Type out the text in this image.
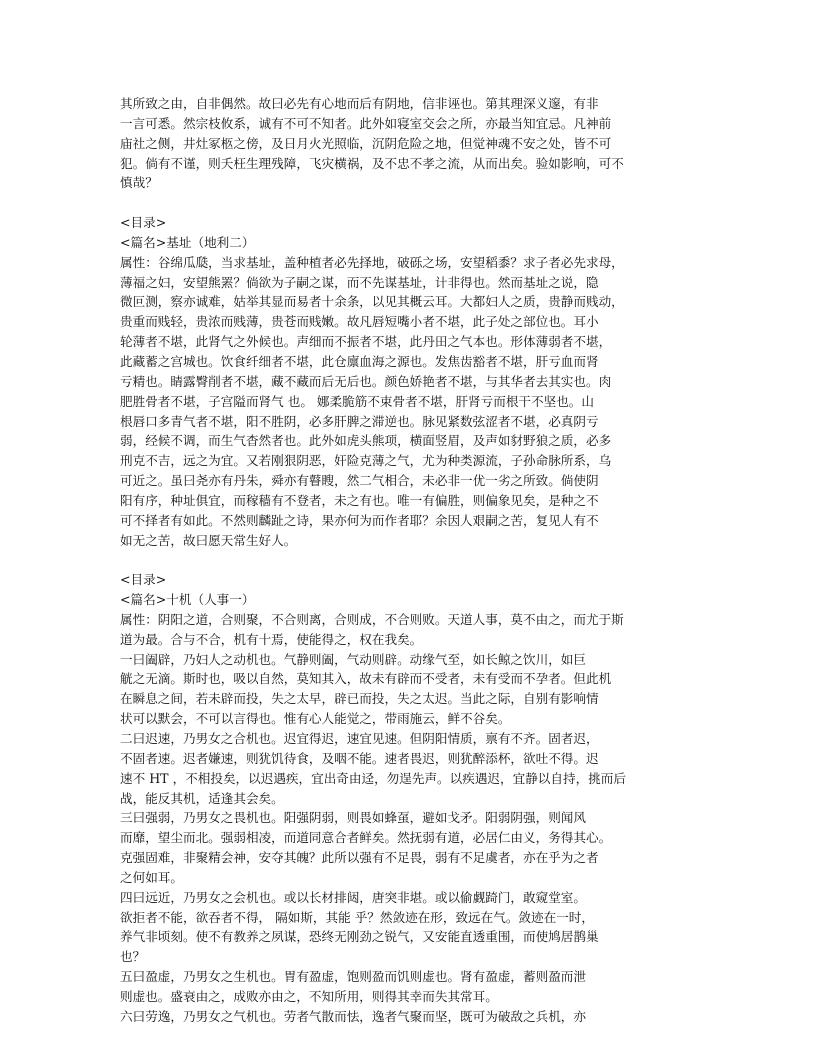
其所致之由，自非偶然。故曰必先有心地而后有阴地，信非诬也。第其理深义邃，有非
一言可悉。然宗枝攸系，诚有不可不知者。此外如寝室交会之所，亦最当知宜忌。凡神前
庙社之侧，井灶冢柩之傍，及日月火光照临，沉阴危险之地，但觉神魂不安之处，皆不可
犯。倘有不谨，则夭枉生理残障，飞灾横祸，及不忠不孝之流，从而出矣。验如影响，可不
慎哉？
<目录>
<篇名>基址（地利二）
属性：谷绵瓜瓞，当求基址，盖种植者必先择地，破砾之场，安望稻黍？求子者必先求母，
薄福之妇，安望熊罴？倘欲为子嗣之谋，而不先谋基址，计非得也。然而基址之说，隐
微叵测，察亦诚难，姑举其显而易者十余条，以见其概云耳。大都妇人之质，贵静而贱动，
贵重而贱轻，贵浓而贱薄，贵苍而贱嫩。故凡唇短嘴小者不堪，此子处之部位也。耳小
轮薄者不堪，此肾气之外候也。声细而不振者不堪，此丹田之气本也。形体薄弱者不堪，
此藏蓄之宫城也。饮食纤细者不堪，此仓廪血海之源也。发焦齿豁者不堪，肝亏血而肾
亏精也。睛露臀削者不堪，藏不藏而后无后也。颜色娇艳者不堪，与其华者去其实也。肉
肥胜骨者不堪，子宫隘而肾气 也。 娜柔脆筋不束骨者不堪，肝肾亏而根干不坚也。山
根唇口多青气者不堪，阳不胜阴，必多肝脾之滞逆也。脉见紧数弦涩者不堪，必真阴亏
弱，经候不调，而生气杳然者也。此外如虎头熊项，横面竖眉，及声如豺野狼之质，必多
刑克不吉，远之为宜。又若刚狠阴恶，奸险克薄之气，尤为种类源流，子孙命脉所系，乌
可近之。虽曰尧亦有丹朱，舜亦有瞽瞍，然二气相合，未必非一优一劣之所致。倘使阴
阳有序，种址俱宜，而稼穑有不登者，未之有也。唯一有偏胜，则偏象见矣，是种之不
可不择者有如此。不然则麟趾之诗，果亦何为而作者耶？余因人艰嗣之苦，复见人有不
如无之苦，故曰愿天常生好人。
<目录>
<篇名>十机（人事一）
属性：阴阳之道，合则聚，不合则离，合则成，不合则败。天道人事，莫不由之，而尤于斯
道为最。合与不合，机有十焉，使能得之，权在我矣。
一曰阖辟，乃妇人之动机也。气静则阖，气动则辟。动缘气至，如长鲸之饮川，如巨
觥之无滴。斯时也，吸以自然，莫知其入，故未有辟而不受者，未有受而不孕者。但此机
在瞬息之间，若未辟而投，失之太早，辟已而投，失之太迟。当此之际，自别有影响情
状可以默会，不可以言得也。惟有心人能觉之，带雨施云，鲜不谷矣。
二曰迟速，乃男女之合机也。迟宜得迟，速宜见速。但阴阳情质，禀有不齐。固者迟，
不固者速。迟者嫌速，则犹饥待食，及咽不能。速者畏迟，则犹醉添杯，欲吐不得。迟
速不 HT ，不相投矣，以迟遇疾，宜出奇由迳，勿逞先声。以疾遇迟，宜静以自持，挑而后
战，能反其机，适逢其会矣。
三曰强弱，乃男女之畏机也。阳强阴弱，则畏如蜂虿，避如戈矛。阳弱阴强，则闻风
而靡，望尘而北。强弱相凌，而道同意合者鲜矣。然抚弱有道，必居仁由义，务得其心。
克强固难，非聚精会神，安夺其魄？此所以强有不足畏，弱有不足虞者，亦在乎为之者
之何如耳。
四曰远近，乃男女之会机也。或以长材排闼，唐突非堪。或以偷觑踦门，敢窥堂室。
欲拒者不能，欲吞者不得， 隔如斯，其能 乎？然敛迹在形，致远在气。敛迹在一时，
养气非顷刻。使不有教养之夙谋，恐终无刚劲之锐气，又安能直透重围，而使鸠居鹊巢
也？
五曰盈虚，乃男女之生机也。胃有盈虚，饱则盈而饥则虚也。肾有盈虚，蓄则盈而泄
则虚也。盛衰由之，成败亦由之，不知所用，则得其幸而失其常耳。
六曰劳逸，乃男女之气机也。劳者气散而怯，逸者气聚而坚，既可为破敌之兵机，亦
